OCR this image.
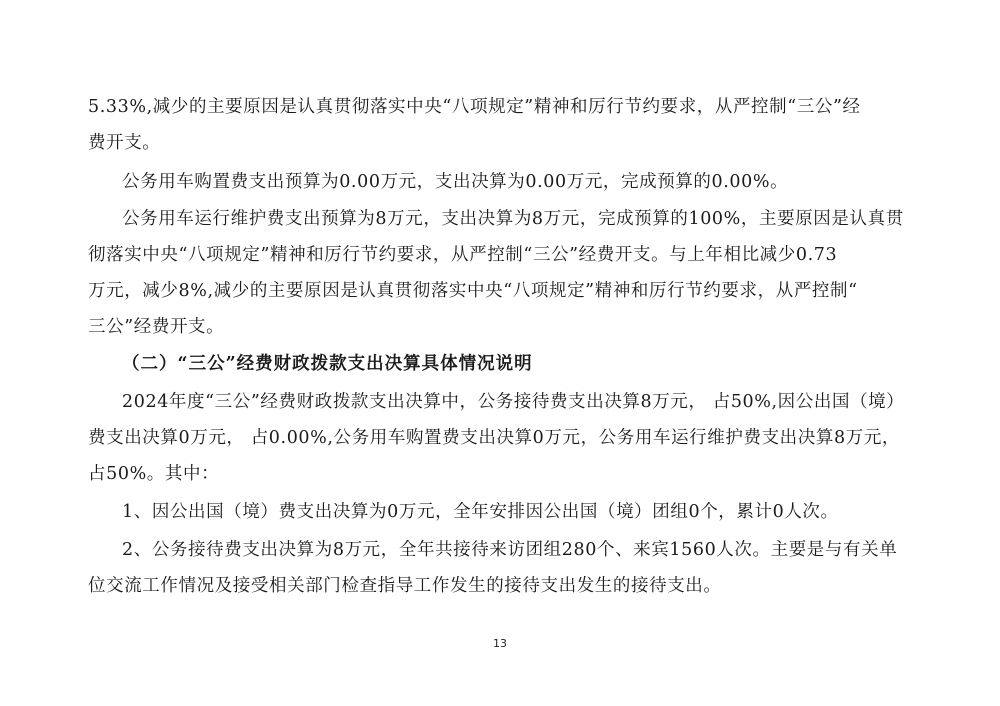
5.33%,减少的主要原因是认真贯彻落实中央“八项规定”精神和厉行节约要求，从严控制“三公”经
费开支。
公务用车购置费支出预算为0.00万元，支出决算为0.00万元，完成预算的0.00%。
公务用车运行维护费支出预算为8万元，支出决算为8万元，完成预算的100%，主要原因是认真贯
彻落实中央“八项规定”精神和厉行节约要求，从严控制“三公”经费开支。与上年相比减少0.73
万元，减少8%,减少的主要原因是认真贯彻落实中央“八项规定”精神和厉行节约要求，从严控制“
三公”经费开支。
（二）“三公”经费财政拨款支出决算具体情况说明
2024年度“三公”经费财政拨款支出决算中，公务接待费支出决算8万元， 占50%,因公出国（境）
费支出决算0万元， 占0.00%,公务用车购置费支出决算0万元，公务用车运行维护费支出决算8万元，
占50%。其中：
1、因公出国（境）费支出决算为0万元，全年安排因公出国（境）团组0个，累计0人次。
2、公务接待费支出决算为8万元，全年共接待来访团组280个、来宾1560人次。主要是与有关单
位交流工作情况及接受相关部门检查指导工作发生的接待支出发生的接待支出。
13
